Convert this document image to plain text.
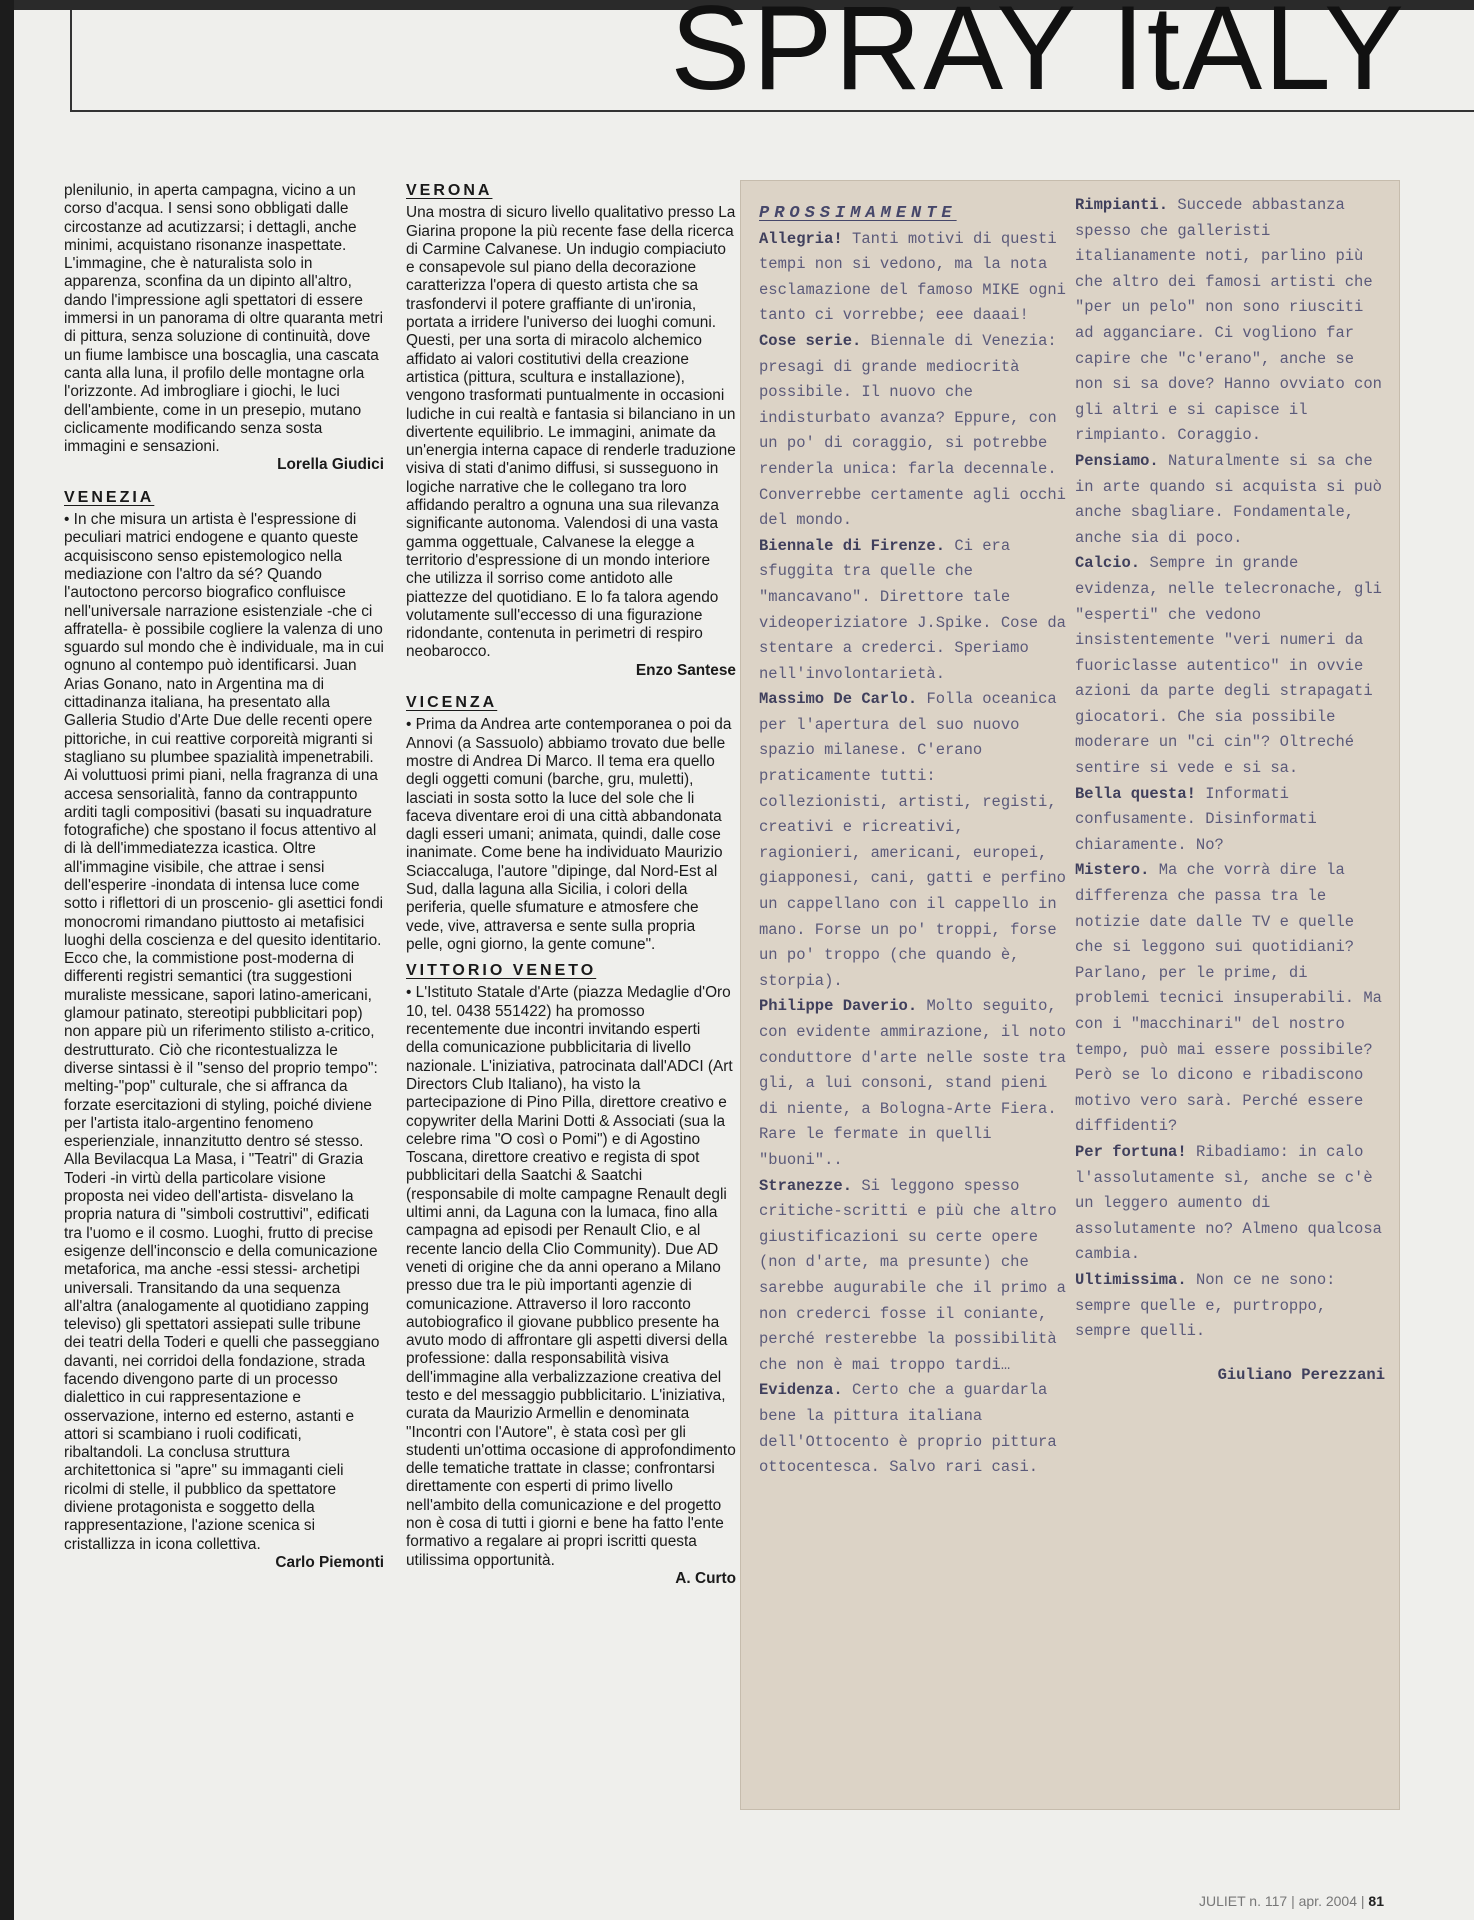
SPRAY ItALY

plenilunio, in aperta campagna, vicino a un corso d'acqua. I sensi sono obbligati dalle circostanze ad acutizzarsi; i dettagli, anche minimi, acquistano risonanze inaspettate. L'immagine, che è naturalista solo in apparenza, sconfina da un dipinto all'altro, dando l'impressione agli spettatori di essere immersi in un panorama di oltre quaranta metri di pittura, senza soluzione di continuità, dove un fiume lambisce una boscaglia, una cascata canta alla luna, il profilo delle montagne orla l'orizzonte. Ad imbrogliare i giochi, le luci dell'ambiente, come in un presepio, mutano ciclicamente modificando senza sosta immagini e sensazioni.

Lorella Giudici

VENEZIA

• In che misura un artista è l'espressione di peculiari matrici endogene e quanto queste acquisiscono senso epistemologico nella mediazione con l'altro da sé? Quando l'autoctono percorso biografico confluisce nell'universale narrazione esistenziale -che ci affratella- è possibile cogliere la valenza di uno sguardo sul mondo che è individuale, ma in cui ognuno al contempo può identificarsi. Juan Arias Gonano, nato in Argentina ma di cittadinanza italiana, ha presentato alla Galleria Studio d'Arte Due delle recenti opere pittoriche, in cui reattive corporeità migranti si stagliano su plumbee spazialità impenetrabili. Ai voluttuosi primi piani, nella fragranza di una accesa sensorialità, fanno da contrappunto arditi tagli compositivi (basati su inquadrature fotografiche) che spostano il focus attentivo al di là dell'immediatezza icastica. Oltre all'immagine visibile, che attrae i sensi dell'esperire -inondata di intensa luce come sotto i riflettori di un proscenio- gli asettici fondi monocromi rimandano piuttosto ai metafisici luoghi della coscienza e del quesito identitario. Ecco che, la commistione post-moderna di differenti registri semantici (tra suggestioni muraliste messicane, sapori latino-americani, glamour patinato, stereotipi pubblicitari pop) non appare più un riferimento stilisto a-critico, destrutturato. Ciò che ricontestualizza le diverse sintassi è il "senso del proprio tempo": melting-"pop" culturale, che si affranca da forzate esercitazioni di styling, poiché diviene per l'artista italo-argentino fenomeno esperienziale, innanzitutto dentro sé stesso. Alla Bevilacqua La Masa, i "Teatri" di Grazia Toderi -in virtù della particolare visione proposta nei video dell'artista- disvelano la propria natura di "simboli costruttivi", edificati tra l'uomo e il cosmo. Luoghi, frutto di precise esigenze dell'inconscio e della comunicazione metaforica, ma anche -essi stessi- archetipi universali. Transitando da una sequenza all'altra (analogamente al quotidiano zapping televiso) gli spettatori assiepati sulle tribune dei teatri della Toderi e quelli che passeggiano davanti, nei corridoi della fondazione, strada facendo divengono parte di un processo dialettico in cui rappresentazione e osservazione, interno ed esterno, astanti e attori si scambiano i ruoli codificati, ribaltandoli. La conclusa struttura architettonica si "apre" su immaganti cieli ricolmi di stelle, il pubblico da spettatore diviene protagonista e soggetto della rappresentazione, l'azione scenica si cristallizza in icona collettiva.

Carlo Piemonti

VERONA

Una mostra di sicuro livello qualitativo presso La Giarina propone la più recente fase della ricerca di Carmine Calvanese. Un indugio compiaciuto e consapevole sul piano della decorazione caratterizza l'opera di questo artista che sa trasfondervi il potere graffiante di un'ironia, portata a irridere l'universo dei luoghi comuni. Questi, per una sorta di miracolo alchemico affidato ai valori costitutivi della creazione artistica (pittura, scultura e installazione), vengono trasformati puntualmente in occasioni ludiche in cui realtà e fantasia si bilanciano in un divertente equilibrio. Le immagini, animate da un'energia interna capace di renderle traduzione visiva di stati d'animo diffusi, si susseguono in logiche narrative che le collegano tra loro affidando peraltro a ognuna una sua rilevanza significante autonoma. Valendosi di una vasta gamma oggettuale, Calvanese la elegge a territorio d'espressione di un mondo interiore che utilizza il sorriso come antidoto alle piattezze del quotidiano. E lo fa talora agendo volutamente sull'eccesso di una figurazione ridondante, contenuta in perimetri di respiro neobarocco.

Enzo Santese

VICENZA

• Prima da Andrea arte contemporanea o poi da Annovi (a Sassuolo) abbiamo trovato due belle mostre di Andrea Di Marco. Il tema era quello degli oggetti comuni (barche, gru, muletti), lasciati in sosta sotto la luce del sole che li faceva diventare eroi di una città abbandonata dagli esseri umani; animata, quindi, dalle cose inanimate. Come bene ha individuato Maurizio Sciaccaluga, l'autore "dipinge, dal Nord-Est al Sud, dalla laguna alla Sicilia, i colori della periferia, quelle sfumature e atmosfere che vede, vive, attraversa e sente sulla propria pelle, ogni giorno, la gente comune".

VITTORIO VENETO

• L'Istituto Statale d'Arte (piazza Medaglie d'Oro 10, tel. 0438 551422) ha promosso recentemente due incontri invitando esperti della comunicazione pubblicitaria di livello nazionale. L'iniziativa, patrocinata dall'ADCI (Art Directors Club Italiano), ha visto la partecipazione di Pino Pilla, direttore creativo e copywriter della Marini Dotti & Associati (sua la celebre rima "O così o Pomi") e di Agostino Toscana, direttore creativo e regista di spot pubblicitari della Saatchi & Saatchi (responsabile di molte campagne Renault degli ultimi anni, da Laguna con la lumaca, fino alla campagna ad episodi per Renault Clio, e al recente lancio della Clio Community). Due AD veneti di origine che da anni operano a Milano presso due tra le più importanti agenzie di comunicazione. Attraverso il loro racconto autobiografico il giovane pubblico presente ha avuto modo di affrontare gli aspetti diversi della professione: dalla responsabilità visiva dell'immagine alla verbalizzazione creativa del testo e del messaggio pubblicitario. L'iniziativa, curata da Maurizio Armellin e denominata "Incontri con l'Autore", è stata così per gli studenti un'ottima occasione di approfondimento delle tematiche trattate in classe; confrontarsi direttamente con esperti di primo livello nell'ambito della comunicazione e del progetto non è cosa di tutti i giorni e bene ha fatto l'ente formativo a regalare ai propri iscritti questa utilissima opportunità.

A. Curto
PROSSIMAMENTE

Allegria! Tanti motivi di questi tempi non si vedono, ma la nota esclamazione del famoso MIKE ogni tanto ci vorrebbe; eee daaai!

Cose serie. Biennale di Venezia: presagi di grande mediocrità possibile. Il nuovo che indisturbato avanza? Eppure, con un po' di coraggio, si potrebbe renderla unica: farla decennale. Converrebbe certamente agli occhi del mondo.

Biennale di Firenze. Ci era sfuggita tra quelle che "mancavano". Direttore tale videoperiziatore J.Spike. Cose da stentare a crederci. Speriamo nell'involontarietà.

Massimo De Carlo. Folla oceanica per l'apertura del suo nuovo spazio milanese. C'erano praticamente tutti: collezionisti, artisti, registi, creativi e ricreativi, ragionieri, americani, europei, giapponesi, cani, gatti e perfino un cappellano con il cappello in mano. Forse un po' troppi, forse un po' troppo (che quando è, storpia).

Philippe Daverio. Molto seguito, con evidente ammirazione, il noto conduttore d'arte nelle soste tra gli, a lui consoni, stand pieni di niente, a Bologna-Arte Fiera. Rare le fermate in quelli "buoni"..

Stranezze. Si leggono spesso critiche-scritti e più che altro giustificazioni su certe opere (non d'arte, ma presunte) che sarebbe augurabile che il primo a non crederci fosse il coniante, perché resterebbe la possibilità che non è mai troppo tardi…

Evidenza. Certo che a guardarla bene la pittura italiana dell'Ottocento è proprio pittura ottocentesca. Salvo rari casi.

Rimpianti. Succede abbastanza spesso che galleristi italianamente noti, parlino più che altro dei famosi artisti che "per un pelo" non sono riusciti ad agganciare. Ci vogliono far capire che "c'erano", anche se non si sa dove? Hanno ovviato con gli altri e si capisce il rimpianto. Coraggio.

Pensiamo. Naturalmente si sa che in arte quando si acquista si può anche sbagliare. Fondamentale, anche sia di poco.

Calcio. Sempre in grande evidenza, nelle telecronache, gli "esperti" che vedono insistentemente "veri numeri da fuoriclasse autentico" in ovvie azioni da parte degli strapagati giocatori. Che sia possibile moderare un "ci cin"? Oltreché sentire si vede e si sa.

Bella questa! Informati confusamente. Disinformati chiaramente. No?

Mistero. Ma che vorrà dire la differenza che passa tra le notizie date dalle TV e quelle che si leggono sui quotidiani? Parlano, per le prime, di problemi tecnici insuperabili. Ma con i "macchinari" del nostro tempo, può mai essere possibile? Però se lo dicono e ribadiscono motivo vero sarà. Perché essere diffidenti?

Per fortuna! Ribadiamo: in calo l'assolutamente sì, anche se c'è un leggero aumento di assolutamente no? Almeno qualcosa cambia.

Ultimissima. Non ce ne sono: sempre quelle e, purtroppo, sempre quelli.

Giuliano Perezzani
JULIET n. 117 | apr. 2004 | 81
